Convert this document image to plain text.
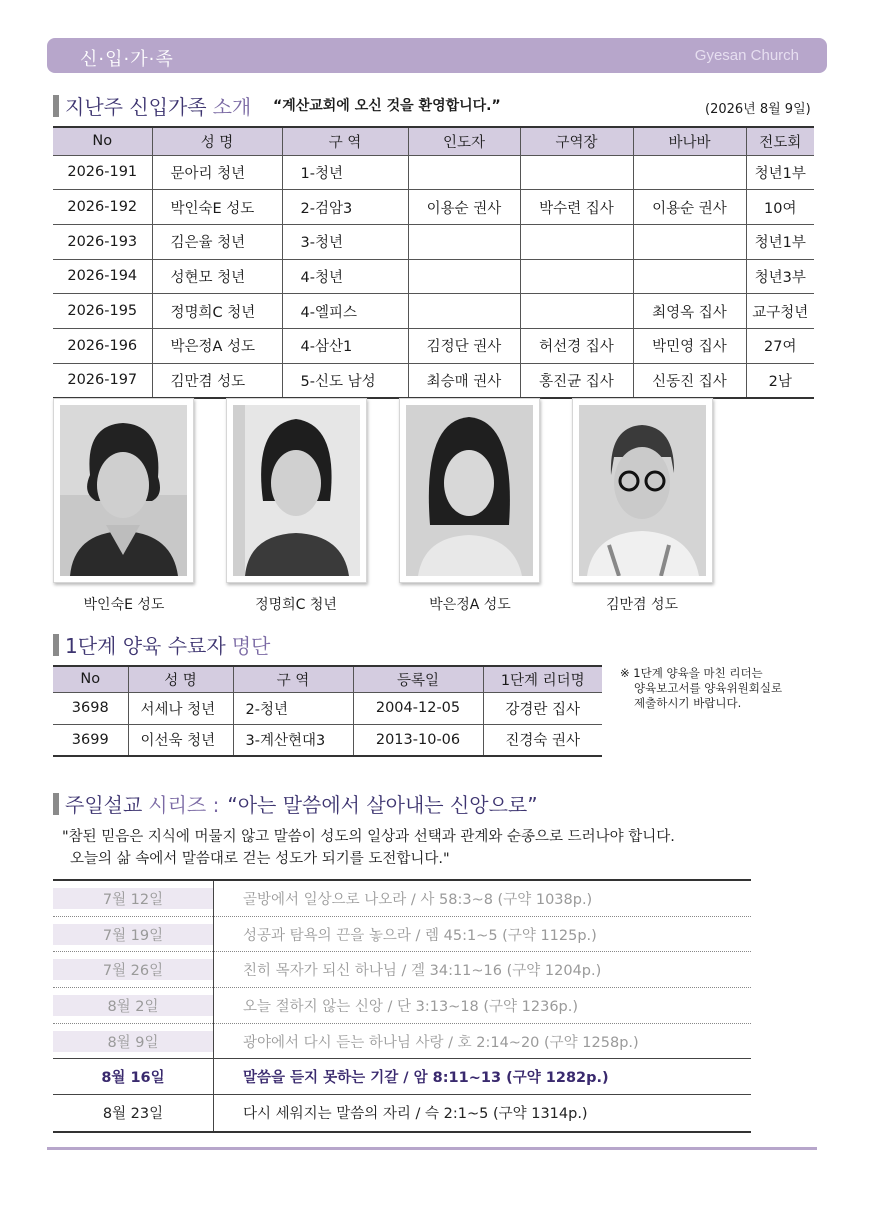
신·입·가·족	Gyesan Church
지난주 신입가족 소개 “계산교회에 오신 것을 환영합니다.”	(2026년 8월 9일)
No	성 명	구 역	인도자	구역장	바나바	전도회
2026-191	문아리 청년	1-청년				청년1부
2026-192	박인숙E 성도	2-검암3	이용순 권사	박수련 집사	이용순 권사	10여
2026-193	김은율 청년	3-청년				청년1부
2026-194	성현모 청년	4-청년				청년3부
2026-195	정명희C 청년	4-엘피스			최영옥 집사	교구청년
2026-196	박은정A 성도	4-삼산1	김정단 권사	허선경 집사	박민영 집사	27여
2026-197	김만겸 성도	5-신도 남성	최승매 권사	홍진균 집사	신동진 집사	2남
박인숙E 성도	정명희C 청년	박은정A 성도	김만겸 성도
1단계 양육 수료자 명단
No	성 명	구 역	등록일	1단계 리더명
3698	서세나 청년	2-청년	2004-12-05	강경란 집사
3699	이선욱 청년	3-계산현대3	2013-10-06	진경숙 권사
※ 1단계 양육을 마친 리더는
양육보고서를 양육위원회실로
제출하시기 바랍니다.
주일설교 시리즈 : “아는 말씀에서 살아내는 신앙으로”
"참된 믿음은 지식에 머물지 않고 말씀이 성도의 일상과 선택과 관계와 순종으로 드러나야 합니다.
오늘의 삶 속에서 말씀대로 걷는 성도가 되기를 도전합니다."
7월 12일	골방에서 일상으로 나오라 / 사 58:3~8 (구약 1038p.)
7월 19일	성공과 탐욕의 끈을 놓으라 / 렘 45:1~5 (구약 1125p.)
7월 26일	친히 목자가 되신 하나님 / 겔 34:11~16 (구약 1204p.)
8월 2일	오늘 절하지 않는 신앙 / 단 3:13~18 (구약 1236p.)
8월 9일	광야에서 다시 듣는 하나님 사랑 / 호 2:14~20 (구약 1258p.)
8월 16일	말씀을 듣지 못하는 기갈 / 암 8:11~13 (구약 1282p.)
8월 23일	다시 세워지는 말씀의 자리 / 슥 2:1~5 (구약 1314p.)
